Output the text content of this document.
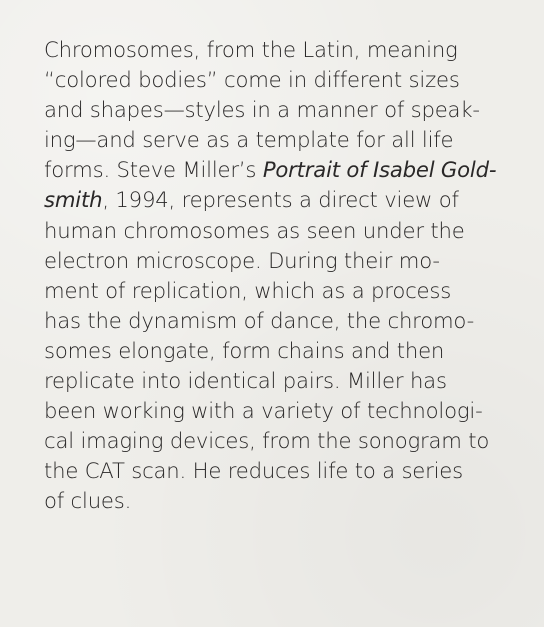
Chromosomes, from the Latin, meaning
“colored bodies” come in different sizes
and shapes—styles in a manner of speak-
ing—and serve as a template for all life
forms. Steve Miller’s Portrait of Isabel Gold-
smith, 1994, represents a direct view of
human chromosomes as seen under the
electron microscope. During their mo-
ment of replication, which as a process
has the dynamism of dance, the chromo-
somes elongate, form chains and then
replicate into identical pairs. Miller has
been working with a variety of technologi-
cal imaging devices, from the sonogram to
the CAT scan. He reduces life to a series
of clues.
